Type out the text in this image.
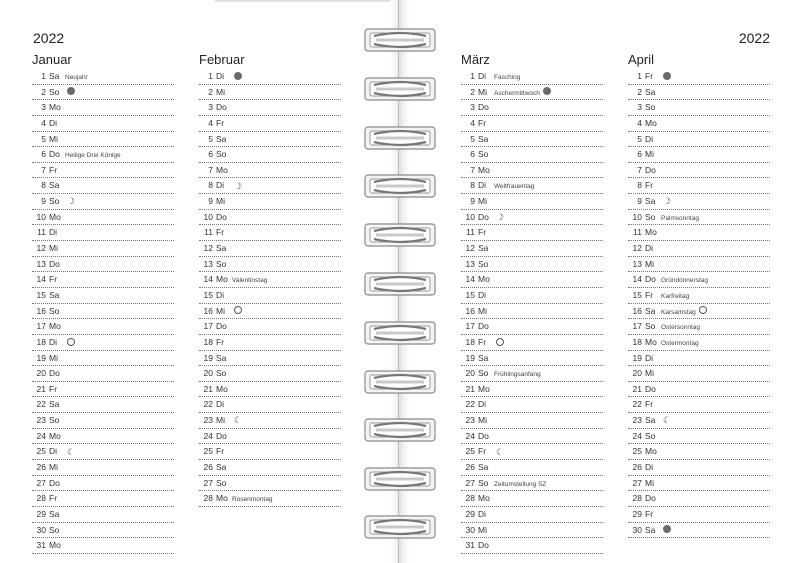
2022	2022
Januar
1 Sa Neujahr
2 So
3 Mo
4 Di
5 Mi
6 Do Heilige Drei Könige
7 Fr
8 Sa
9 So ☽
10 Mo
11 Di
12 Mi
13 Do
14 Fr
15 Sa
16 So
17 Mo
18 Di
19 Mi
20 Do
21 Fr
22 Sa
23 So
24 Mo
25 Di ☾
26 Mi
27 Do
28 Fr
29 Sa
30 So
31 Mo
Februar
1 Di
2 Mi
3 Do
4 Fr
5 Sa
6 So
7 Mo
8 Di ☽
9 Mi
10 Do
11 Fr
12 Sa
13 So
14 Mo Valentinstag
15 Di
16 Mi
17 Do
18 Fr
19 Sa
20 So
21 Mo
22 Di
23 Mi ☾
24 Do
25 Fr
26 Sa
27 So
28 Mo Rosenmontag
März
1 Di Fasching
2 Mi Aschermittwoch
3 Do
4 Fr
5 Sa
6 So
7 Mo
8 Di Weltfrauentag
9 Mi
10 Do ☽
11 Fr
12 Sa
13 So
14 Mo
15 Di
16 Mi
17 Do
18 Fr
19 Sa
20 So Frühlingsanfang
21 Mo
22 Di
23 Mi
24 Do
25 Fr ☾
26 Sa
27 So Zeitumstellung SZ
28 Mo
29 Di
30 Mi
31 Do
April
1 Fr
2 Sa
3 So
4 Mo
5 Di
6 Mi
7 Do
8 Fr
9 Sa ☽
10 So Palmsonntag
11 Mo
12 Di
13 Mi
14 Do Gründonnerstag
15 Fr Karfreitag
16 Sa Karsamstag
17 So Ostersonntag
18 Mo Ostermontag
19 Di
20 Mi
21 Do
22 Fr
23 Sa ☾
24 So
25 Mo
26 Di
27 Mi
28 Do
29 Fr
30 Sa
